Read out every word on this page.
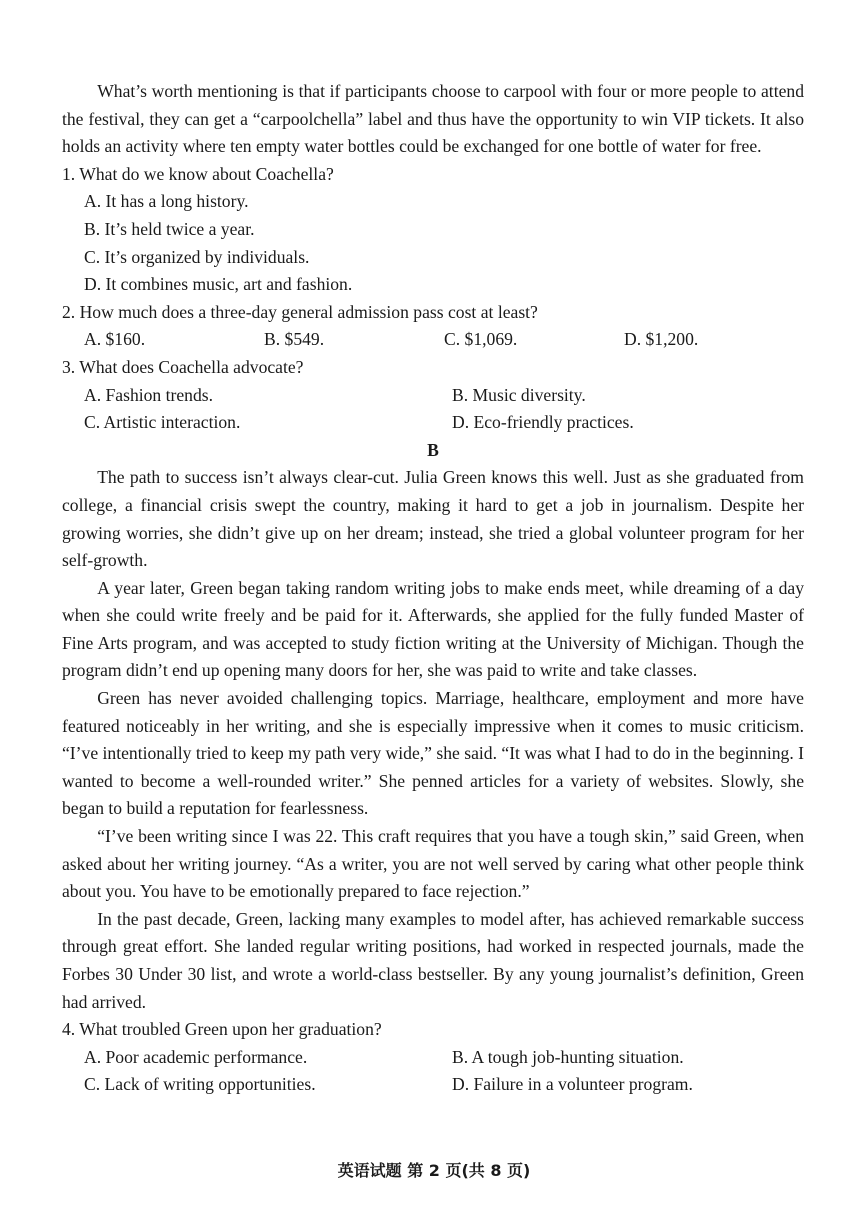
What’s worth mentioning is that if participants choose to carpool with four or more people to attend the festival, they can get a “carpoolchella” label and thus have the opportunity to win VIP tickets. It also holds an activity where ten empty water bottles could be exchanged for one bottle of water for free.

1. What do we know about Coachella?

A. It has a long history.
B. It’s held twice a year.
C. It’s organized by individuals.
D. It combines music, art and fashion.

2. How much does a three-day general admission pass cost at least?

A. $160.	B. $549.	C. $1,069.	D. $1,200.

3. What does Coachella advocate?

A. Fashion trends.	B. Music diversity.
C. Artistic interaction.	D. Eco-friendly practices.
B

The path to success isn’t always clear-cut. Julia Green knows this well. Just as she graduated from college, a financial crisis swept the country, making it hard to get a job in journalism. Despite her growing worries, she didn’t give up on her dream; instead, she tried a global volunteer program for her self-growth.

A year later, Green began taking random writing jobs to make ends meet, while dreaming of a day when she could write freely and be paid for it. Afterwards, she applied for the fully funded Master of Fine Arts program, and was accepted to study fiction writing at the University of Michigan. Though the program didn’t end up opening many doors for her, she was paid to write and take classes.

Green has never avoided challenging topics. Marriage, healthcare, employment and more have featured noticeably in her writing, and she is especially impressive when it comes to music criticism. “I’ve intentionally tried to keep my path very wide,” she said. “It was what I had to do in the beginning. I wanted to become a well-rounded writer.” She penned articles for a variety of websites. Slowly, she began to build a reputation for fearlessness.

“I’ve been writing since I was 22. This craft requires that you have a tough skin,” said Green, when asked about her writing journey. “As a writer, you are not well served by caring what other people think about you. You have to be emotionally prepared to face rejection.”

In the past decade, Green, lacking many examples to model after, has achieved remarkable success through great effort. She landed regular writing positions, had worked in respected journals, made the Forbes 30 Under 30 list, and wrote a world-class bestseller. By any young journalist’s definition, Green had arrived.

4. What troubled Green upon her graduation?

A. Poor academic performance.	B. A tough job-hunting situation.
C. Lack of writing opportunities.	D. Failure in a volunteer program.
英语试题 第 2 页(共 8 页)
